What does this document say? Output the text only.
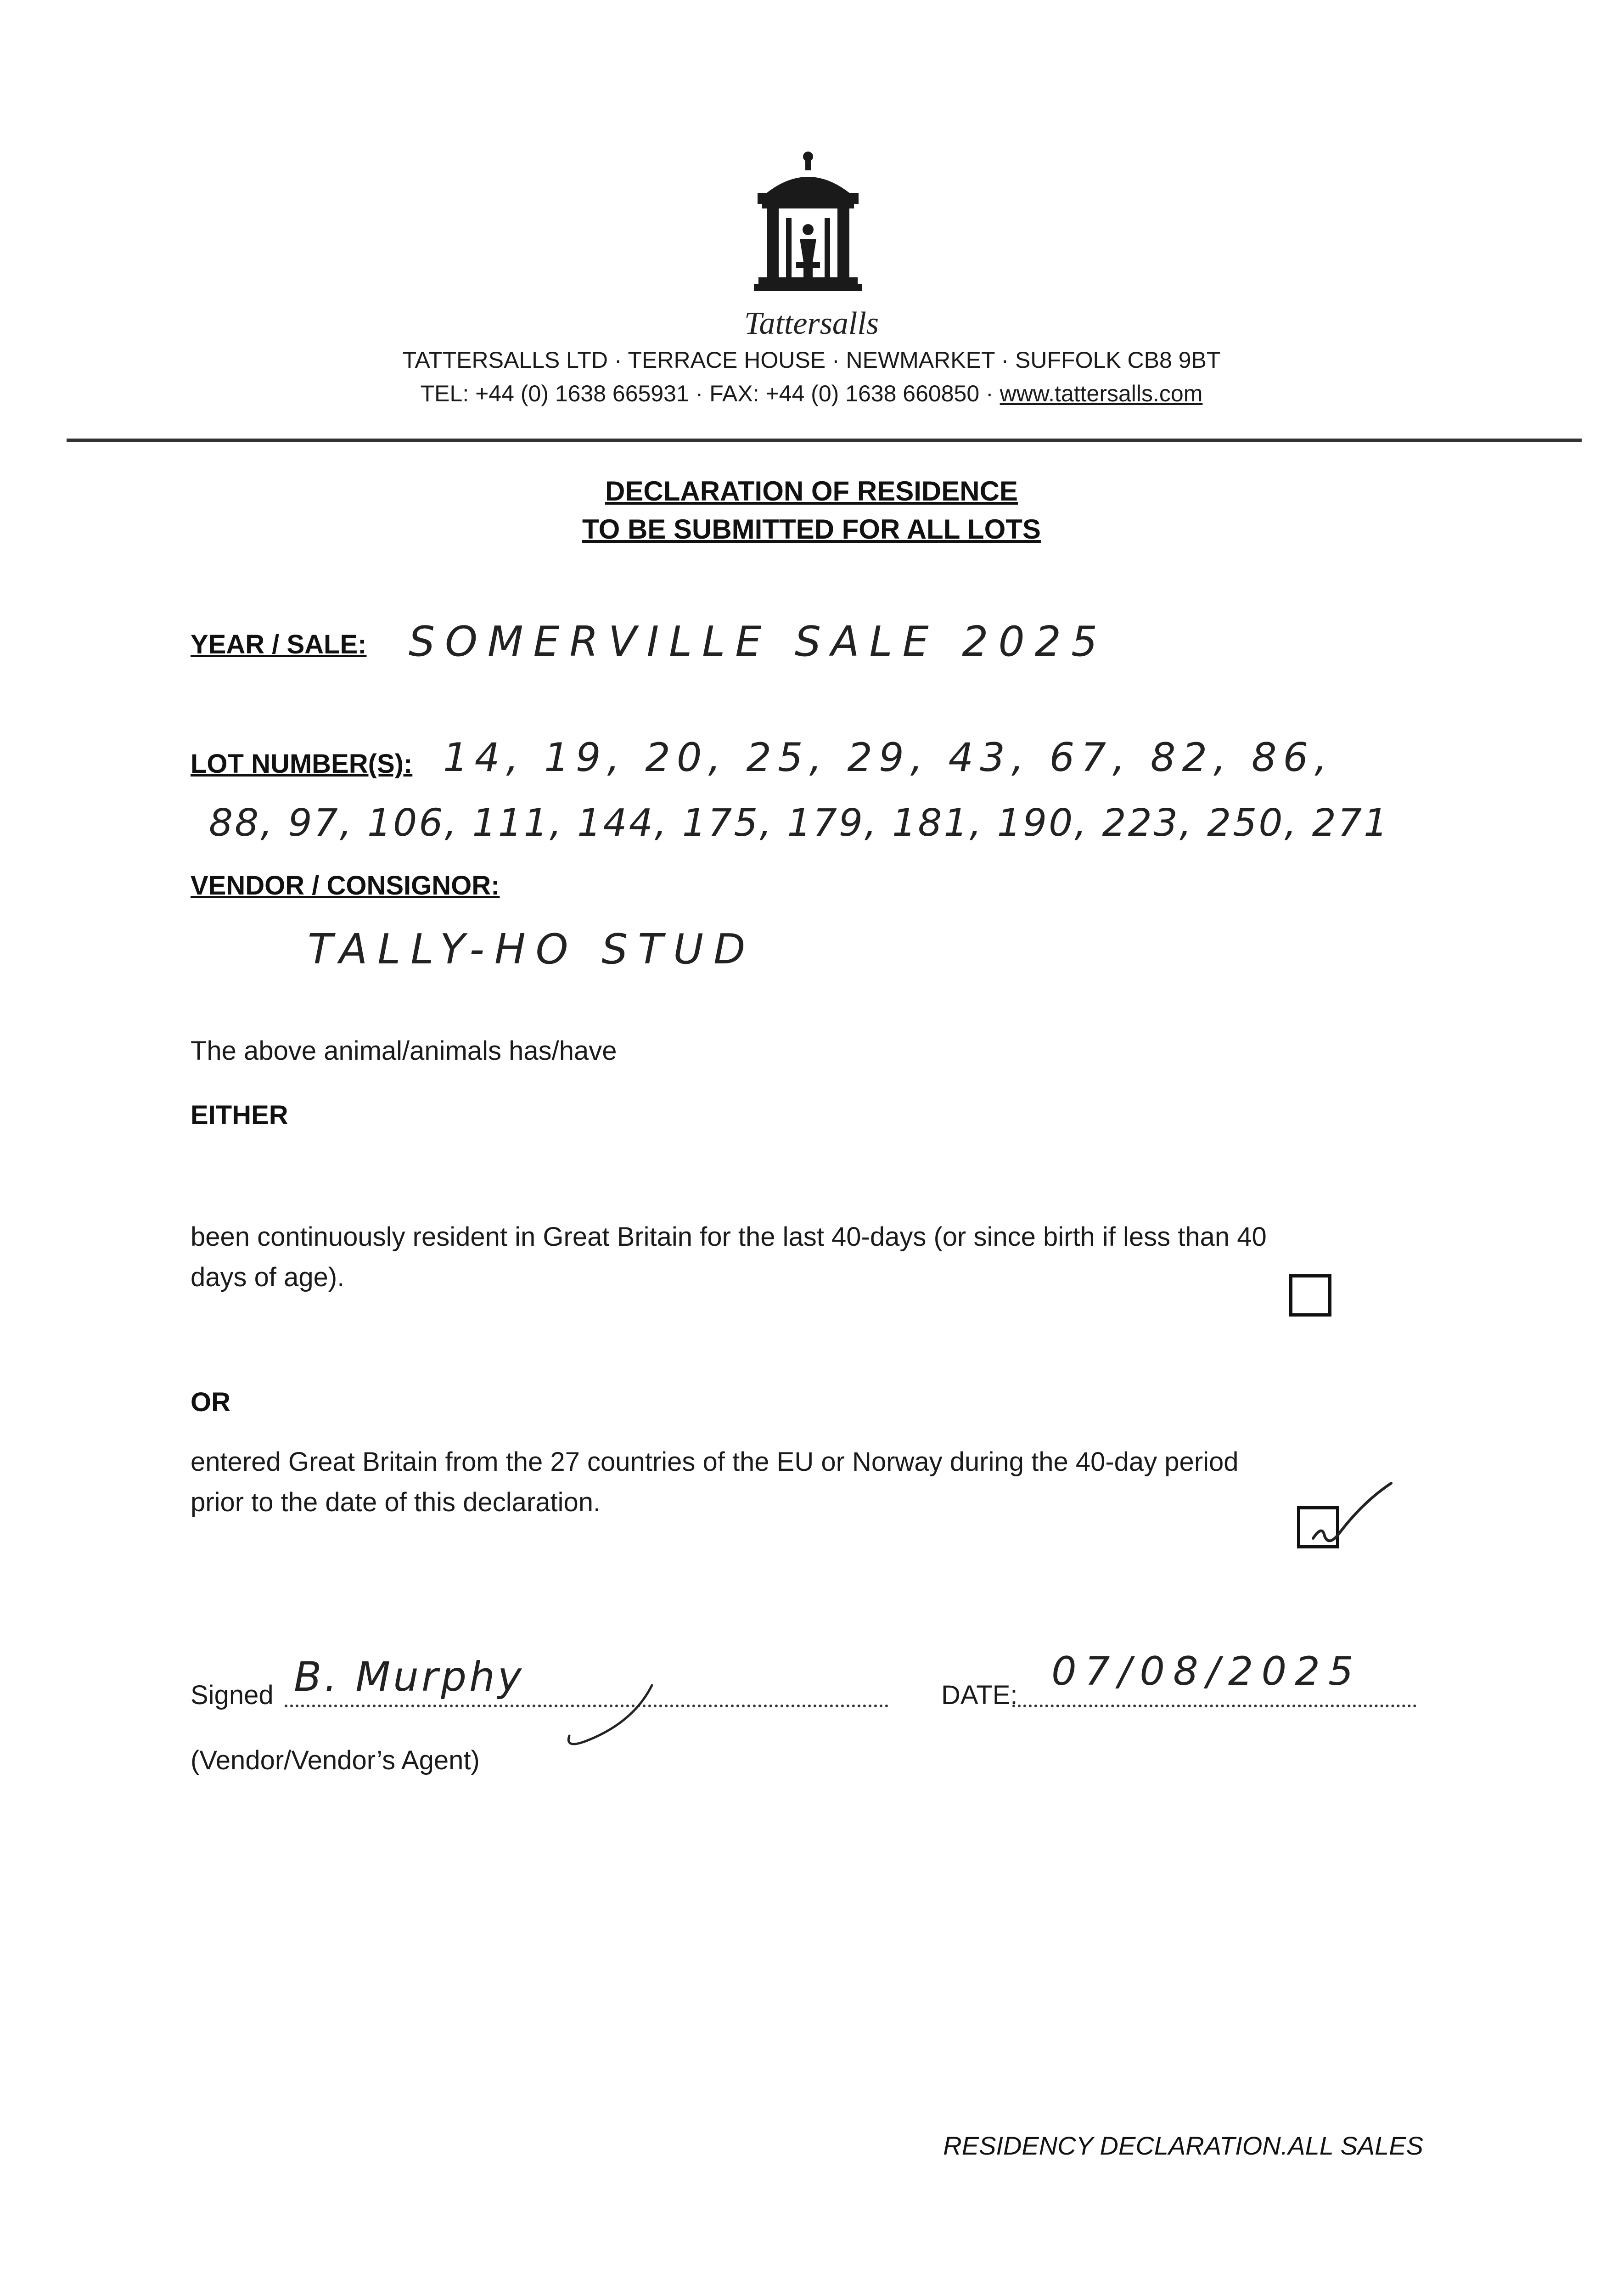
Tattersalls
TATTERSALLS LTD · TERRACE HOUSE · NEWMARKET · SUFFOLK CB8 9BT
TEL: +44 (0) 1638 665931 · FAX: +44 (0) 1638 660850 · www.tattersalls.com
DECLARATION OF RESIDENCE
TO BE SUBMITTED FOR ALL LOTS
YEAR / SALE: SOMERVILLE SALE 2025
LOT NUMBER(S): 14, 19, 20, 25, 29, 43, 67, 82, 86,
88, 97, 106, 111, 144, 175, 179, 181, 190, 223, 250, 271
VENDOR / CONSIGNOR:
TALLY-HO STUD
The above animal/animals has/have
EITHER
been continuously resident in Great Britain for the last 40-days (or since birth if less than 40
days of age).
OR
entered Great Britain from the 27 countries of the EU or Norway during the 40-day period
prior to the date of this declaration.
Signed B. Murphy	DATE:
07/08/2025
(Vendor/Vendor’s Agent)
RESIDENCY DECLARATION.ALL SALES
